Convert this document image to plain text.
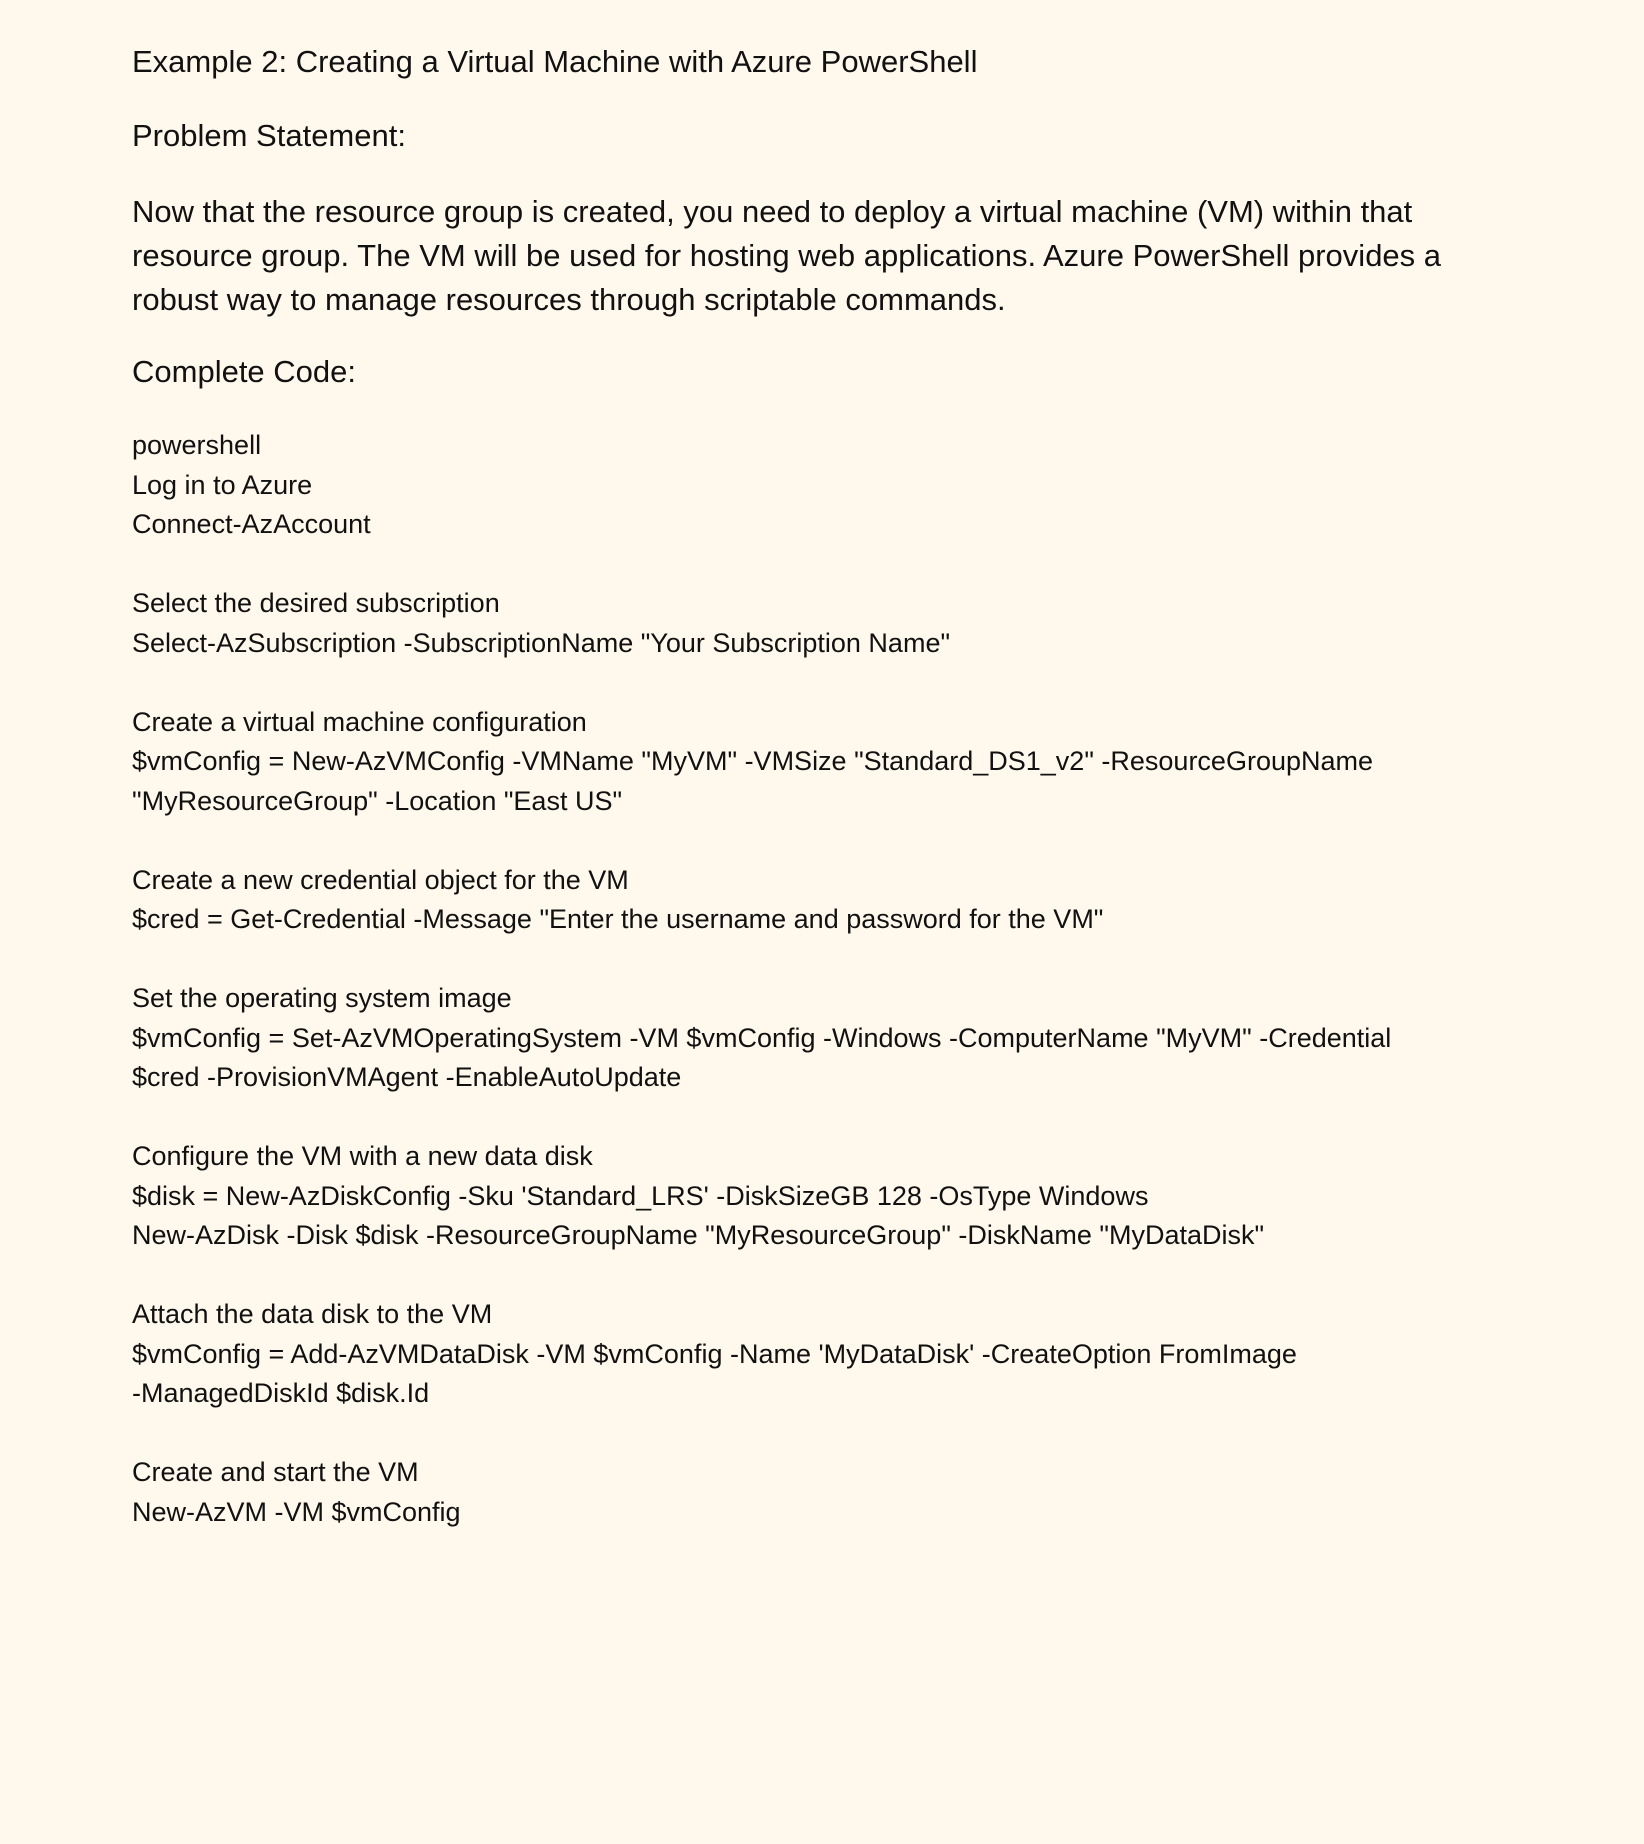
Example 2: Creating a Virtual Machine with Azure PowerShell
Problem Statement:
Now that the resource group is created, you need to deploy a virtual machine (VM) within that resource group. The VM will be used for hosting web applications. Azure PowerShell provides a robust way to manage resources through scriptable commands.
Complete Code:
powershell
Log in to Azure
Connect-AzAccount
Select the desired subscription
Select-AzSubscription -SubscriptionName "Your Subscription Name"
Create a virtual machine configuration
$vmConfig = New-AzVMConfig -VMName "MyVM" -VMSize "Standard_DS1_v2" -ResourceGroupName
"MyResourceGroup" -Location "East US"
Create a new credential object for the VM
$cred = Get-Credential -Message "Enter the username and password for the VM"
Set the operating system image
$vmConfig = Set-AzVMOperatingSystem -VM $vmConfig -Windows -ComputerName "MyVM" -Credential
$cred -ProvisionVMAgent -EnableAutoUpdate
Configure the VM with a new data disk
$disk = New-AzDiskConfig -Sku 'Standard_LRS' -DiskSizeGB 128 -OsType Windows
New-AzDisk -Disk $disk -ResourceGroupName "MyResourceGroup" -DiskName "MyDataDisk"
Attach the data disk to the VM
$vmConfig = Add-AzVMDataDisk -VM $vmConfig -Name 'MyDataDisk' -CreateOption FromImage
-ManagedDiskId $disk.Id
Create and start the VM
New-AzVM -VM $vmConfig
